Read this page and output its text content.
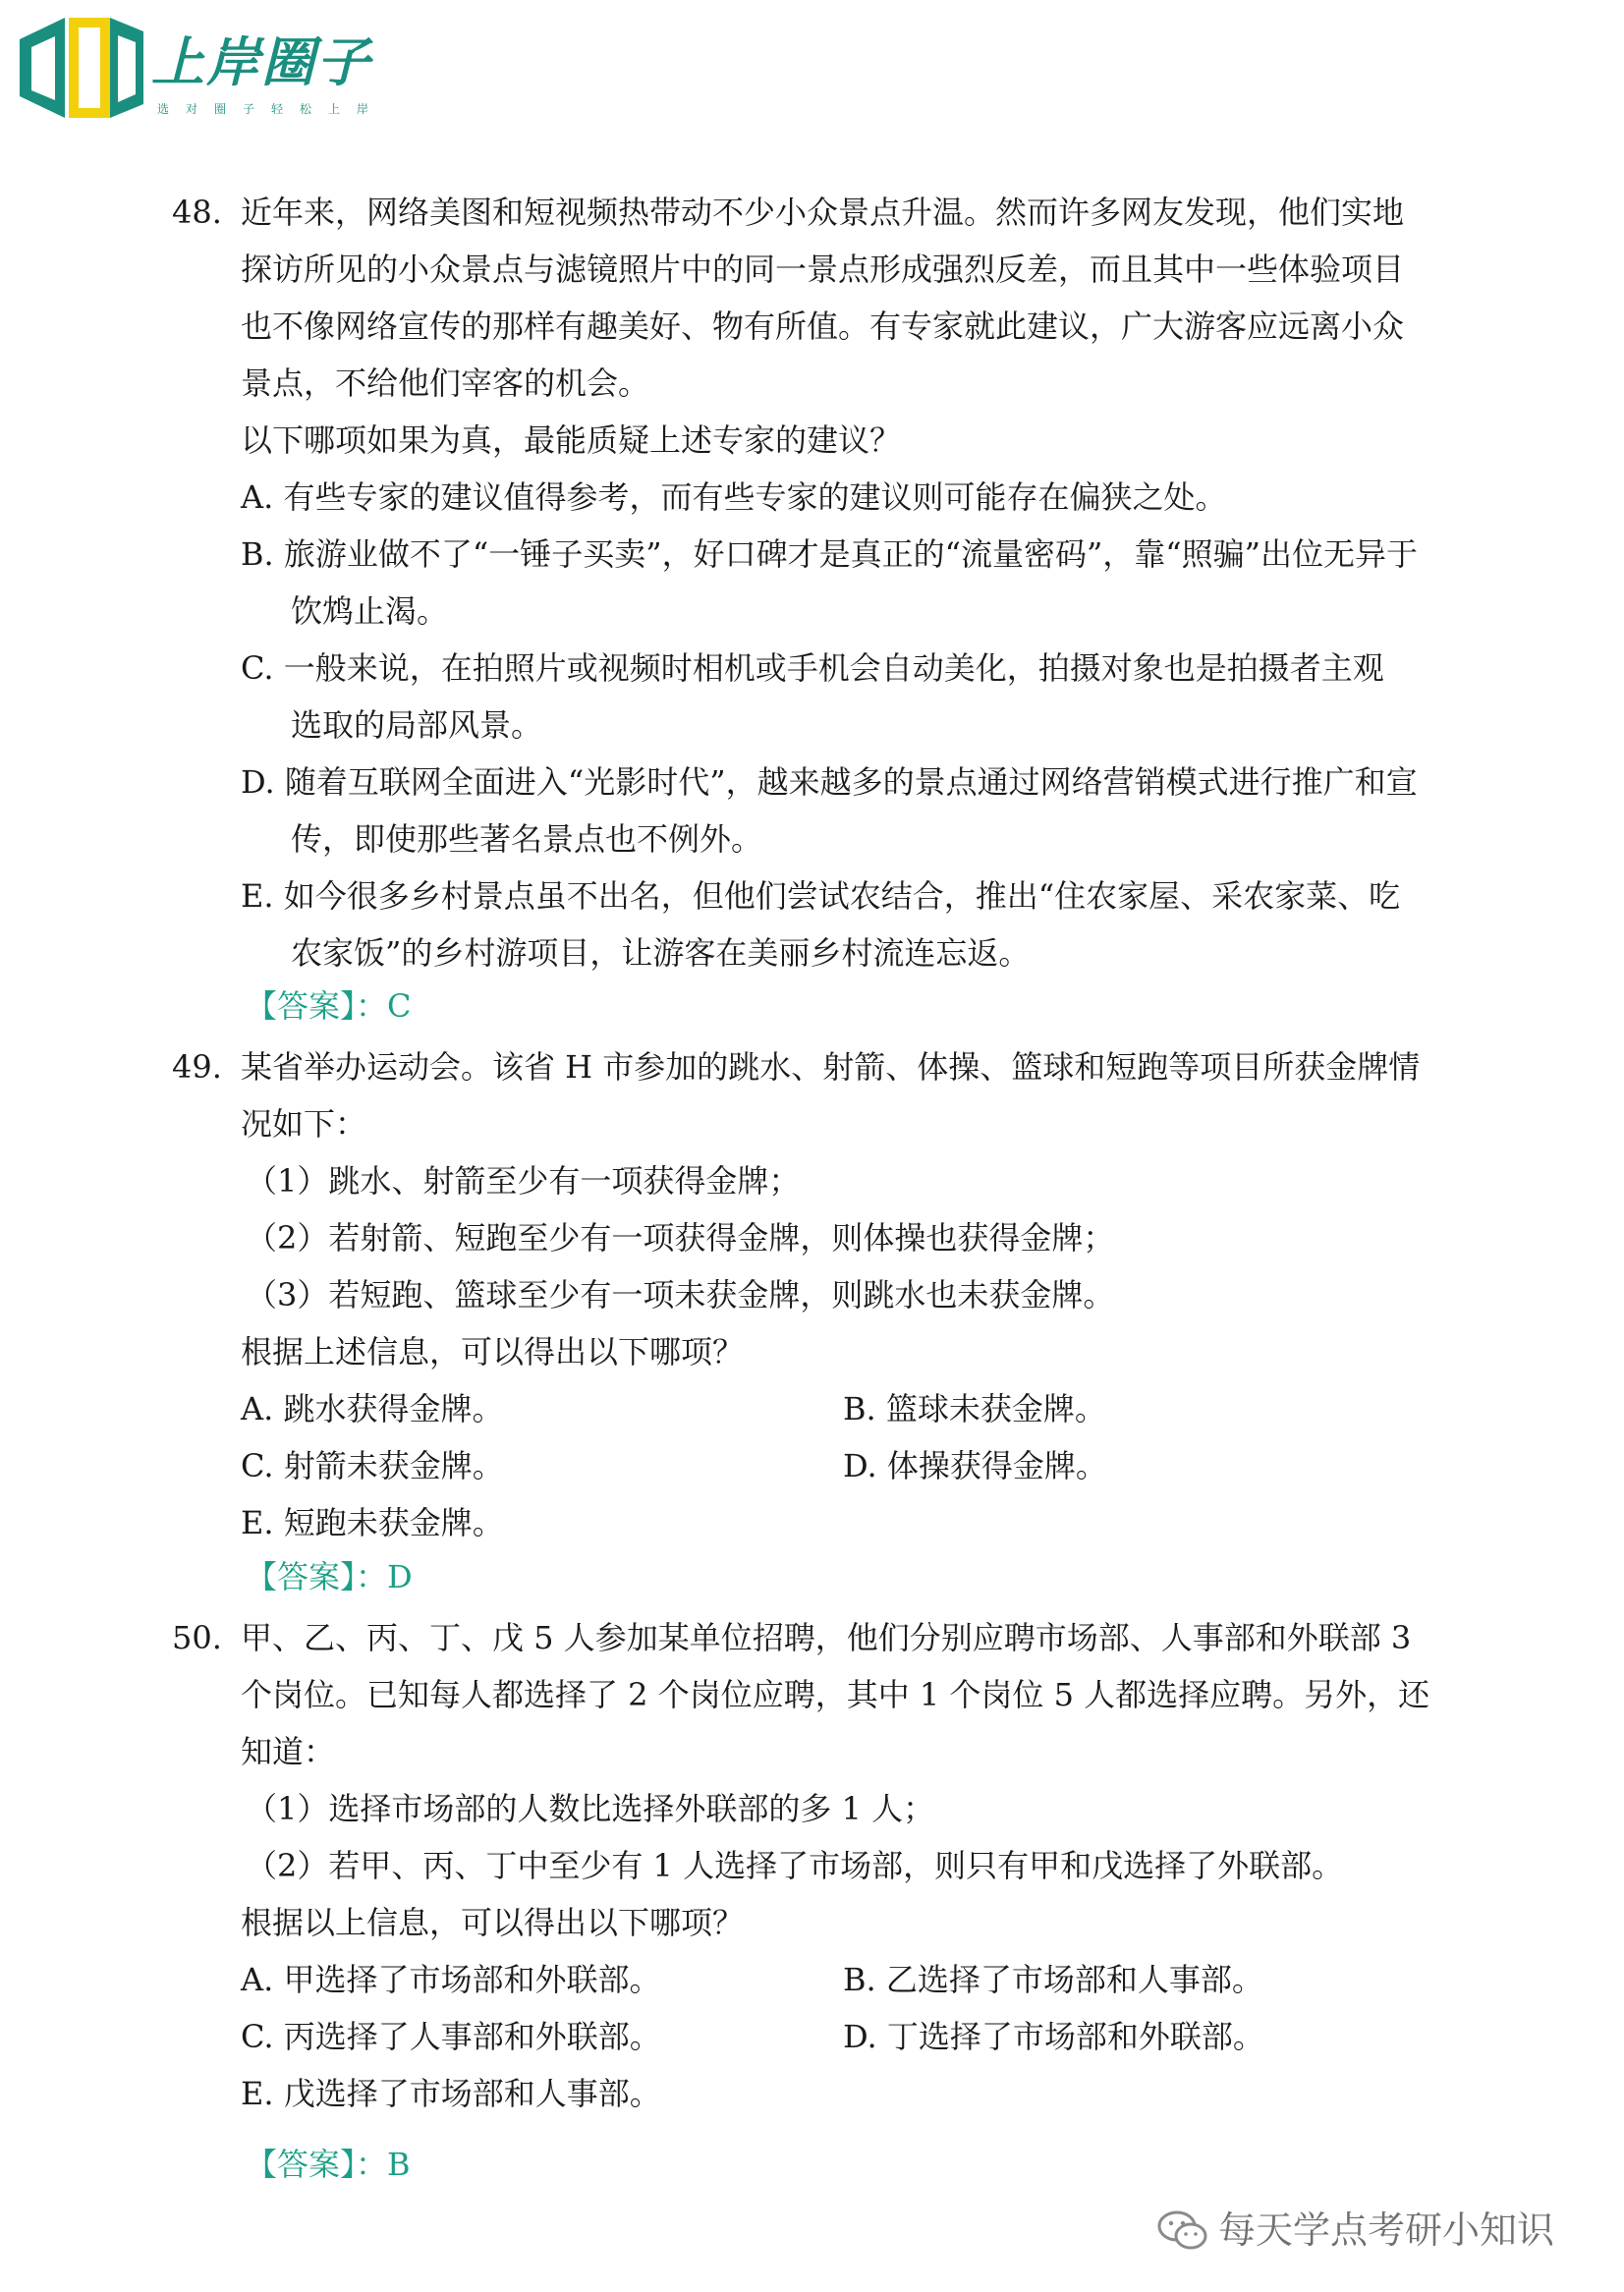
上岸圈子
选对圈子轻松上岸
48. 近年来，网络美图和短视频热带动不少小众景点升温。然而许多网友发现，他们实地
探访所见的小众景点与滤镜照片中的同一景点形成强烈反差，而且其中一些体验项目
也不像网络宣传的那样有趣美好、物有所值。有专家就此建议，广大游客应远离小众
景点，不给他们宰客的机会。
以下哪项如果为真，最能质疑上述专家的建议？
A. 有些专家的建议值得参考，而有些专家的建议则可能存在偏狭之处。
B. 旅游业做不了“一锤子买卖”，好口碑才是真正的“流量密码”，靠“照骗”出位无异于
饮鸩止渴。
C. 一般来说，在拍照片或视频时相机或手机会自动美化，拍摄对象也是拍摄者主观
选取的局部风景。
D. 随着互联网全面进入“光影时代”，越来越多的景点通过网络营销模式进行推广和宣
传，即使那些著名景点也不例外。
E. 如今很多乡村景点虽不出名，但他们尝试农结合，推出“住农家屋、采农家菜、吃
农家饭”的乡村游项目，让游客在美丽乡村流连忘返。
【答案】：C
49. 某省举办运动会。该省 H 市参加的跳水、射箭、体操、篮球和短跑等项目所获金牌情
况如下：
（1）跳水、射箭至少有一项获得金牌；
（2）若射箭、短跑至少有一项获得金牌，则体操也获得金牌；
（3）若短跑、篮球至少有一项未获金牌，则跳水也未获金牌。
根据上述信息，可以得出以下哪项？
A. 跳水获得金牌。	B. 篮球未获金牌。
C. 射箭未获金牌。	D. 体操获得金牌。
E. 短跑未获金牌。
【答案】：D
50. 甲、乙、丙、丁、戊 5 人参加某单位招聘，他们分别应聘市场部、人事部和外联部 3
个岗位。已知每人都选择了 2 个岗位应聘，其中 1 个岗位 5 人都选择应聘。另外，还
知道：
（1）选择市场部的人数比选择外联部的多 1 人；
（2）若甲、丙、丁中至少有 1 人选择了市场部，则只有甲和戊选择了外联部。
根据以上信息，可以得出以下哪项？
A. 甲选择了市场部和外联部。	B. 乙选择了市场部和人事部。
C. 丙选择了人事部和外联部。	D. 丁选择了市场部和外联部。
E. 戊选择了市场部和人事部。
【答案】：B
每天学点考研小知识
